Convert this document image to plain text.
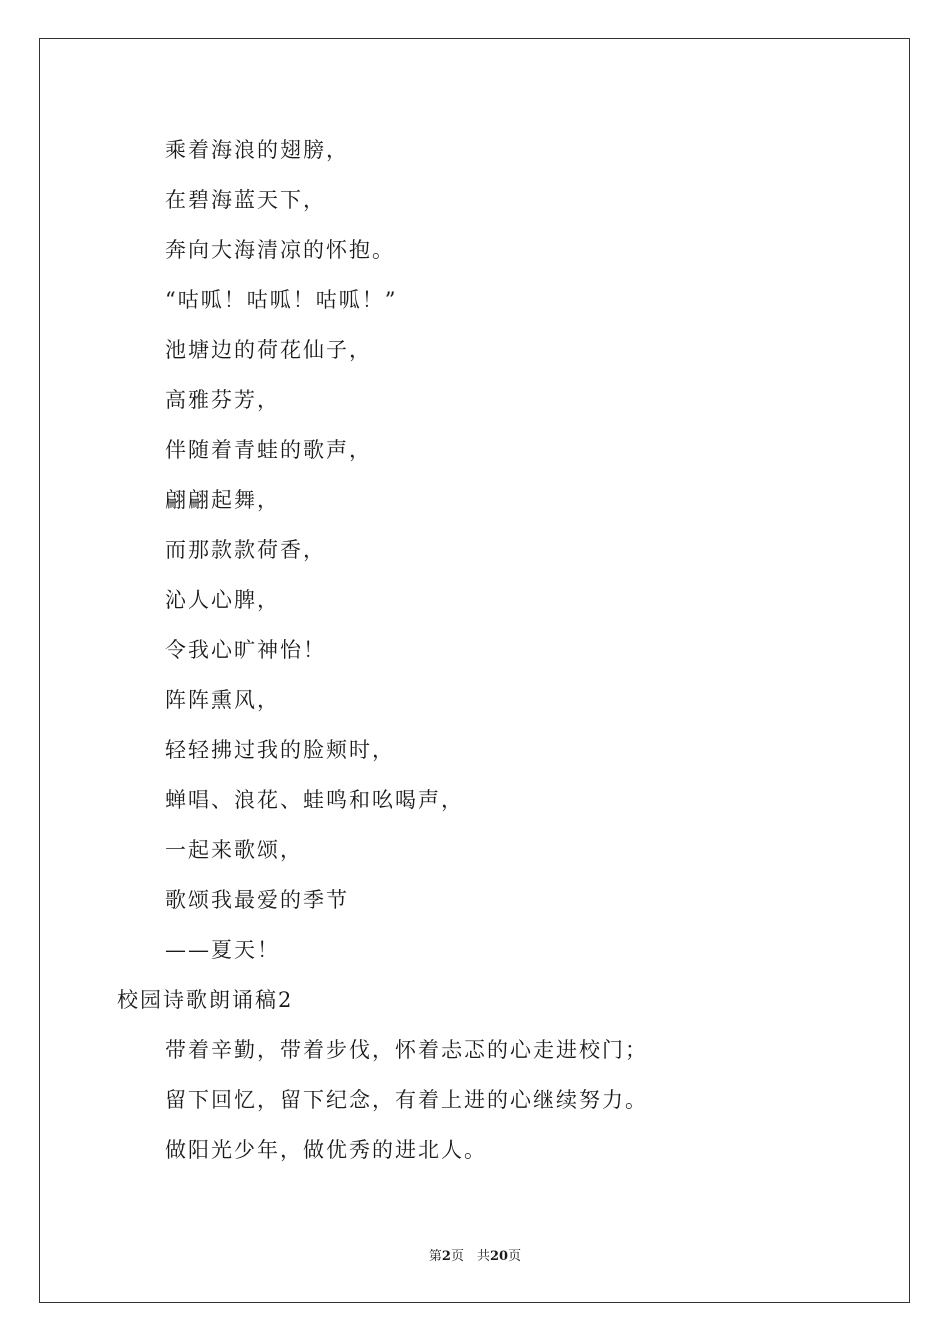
乘着海浪的翅膀，
在碧海蓝天下，
奔向大海清凉的怀抱。
“咕呱！咕呱！咕呱！”
池塘边的荷花仙子，
高雅芬芳，
伴随着青蛙的歌声，
翩翩起舞，
而那款款荷香，
沁人心脾，
令我心旷神怡！
阵阵熏风，
轻轻拂过我的脸颊时，
蝉唱、浪花、蛙鸣和吆喝声，
一起来歌颂，
歌颂我最爱的季节
——夏天！
校园诗歌朗诵稿2
带着辛勤，带着步伐，怀着忐忑的心走进校门；
留下回忆，留下纪念，有着上进的心继续努力。
做阳光少年，做优秀的进北人。
第2页　共20页
